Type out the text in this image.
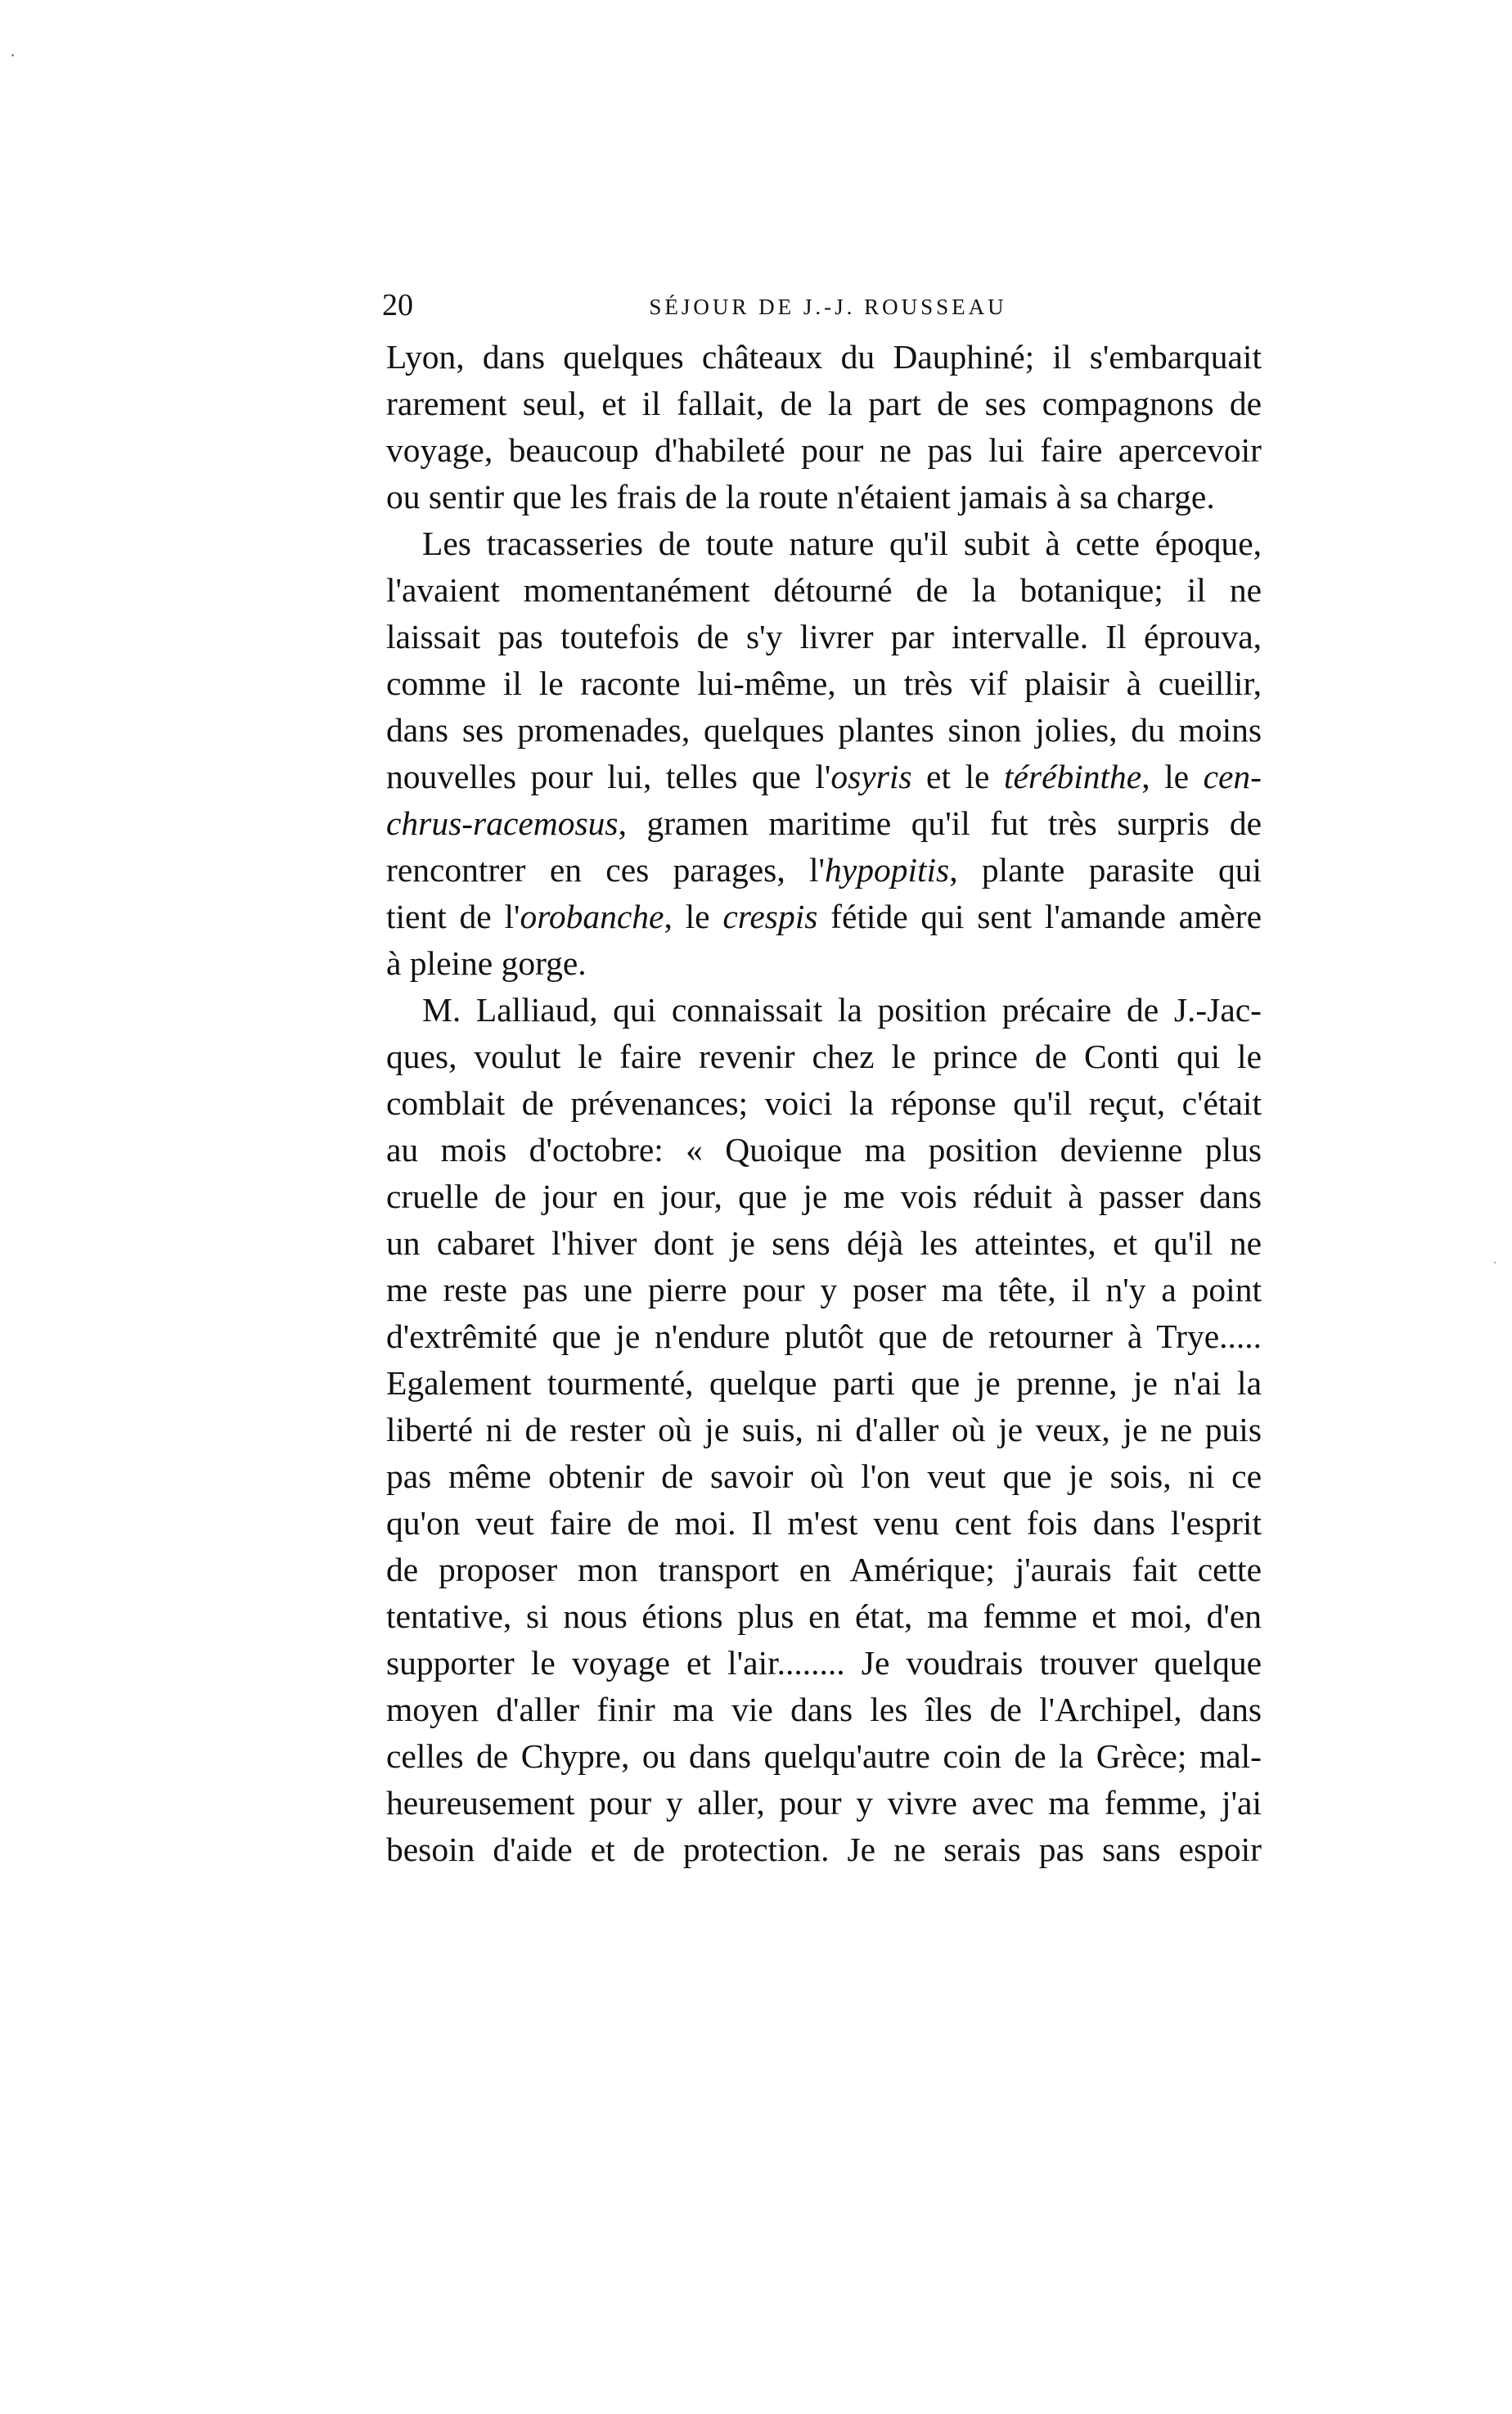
20	SÉJOUR DE J.-J. ROUSSEAU
Lyon, dans quelques châteaux du Dauphiné; il s'embarquait
rarement seul, et il fallait, de la part de ses compagnons de
voyage, beaucoup d'habileté pour ne pas lui faire apercevoir
ou sentir que les frais de la route n'étaient jamais à sa charge.
Les tracasseries de toute nature qu'il subit à cette époque,
l'avaient momentanément détourné de la botanique; il ne
laissait pas toutefois de s'y livrer par intervalle. Il éprouva,
comme il le raconte lui-même, un très vif plaisir à cueillir,
dans ses promenades, quelques plantes sinon jolies, du moins
nouvelles pour lui, telles que l'osyris et le térébinthe, le cen-
chrus-racemosus, gramen maritime qu'il fut très surpris de
rencontrer en ces parages, l'hypopitis, plante parasite qui
tient de l'orobanche, le crespis fétide qui sent l'amande amère
à pleine gorge.
M. Lalliaud, qui connaissait la position précaire de J.-Jac-
ques, voulut le faire revenir chez le prince de Conti qui le
comblait de prévenances; voici la réponse qu'il reçut, c'était
au mois d'octobre: « Quoique ma position devienne plus
cruelle de jour en jour, que je me vois réduit à passer dans
un cabaret l'hiver dont je sens déjà les atteintes, et qu'il ne
me reste pas une pierre pour y poser ma tête, il n'y a point
d'extrêmité que je n'endure plutôt que de retourner à Trye.....
Egalement tourmenté, quelque parti que je prenne, je n'ai la
liberté ni de rester où je suis, ni d'aller où je veux, je ne puis
pas même obtenir de savoir où l'on veut que je sois, ni ce
qu'on veut faire de moi. Il m'est venu cent fois dans l'esprit
de proposer mon transport en Amérique; j'aurais fait cette
tentative, si nous étions plus en état, ma femme et moi, d'en
supporter le voyage et l'air........ Je voudrais trouver quelque
moyen d'aller finir ma vie dans les îles de l'Archipel, dans
celles de Chypre, ou dans quelqu'autre coin de la Grèce; mal-
heureusement pour y aller, pour y vivre avec ma femme, j'ai
besoin d'aide et de protection. Je ne serais pas sans espoir
